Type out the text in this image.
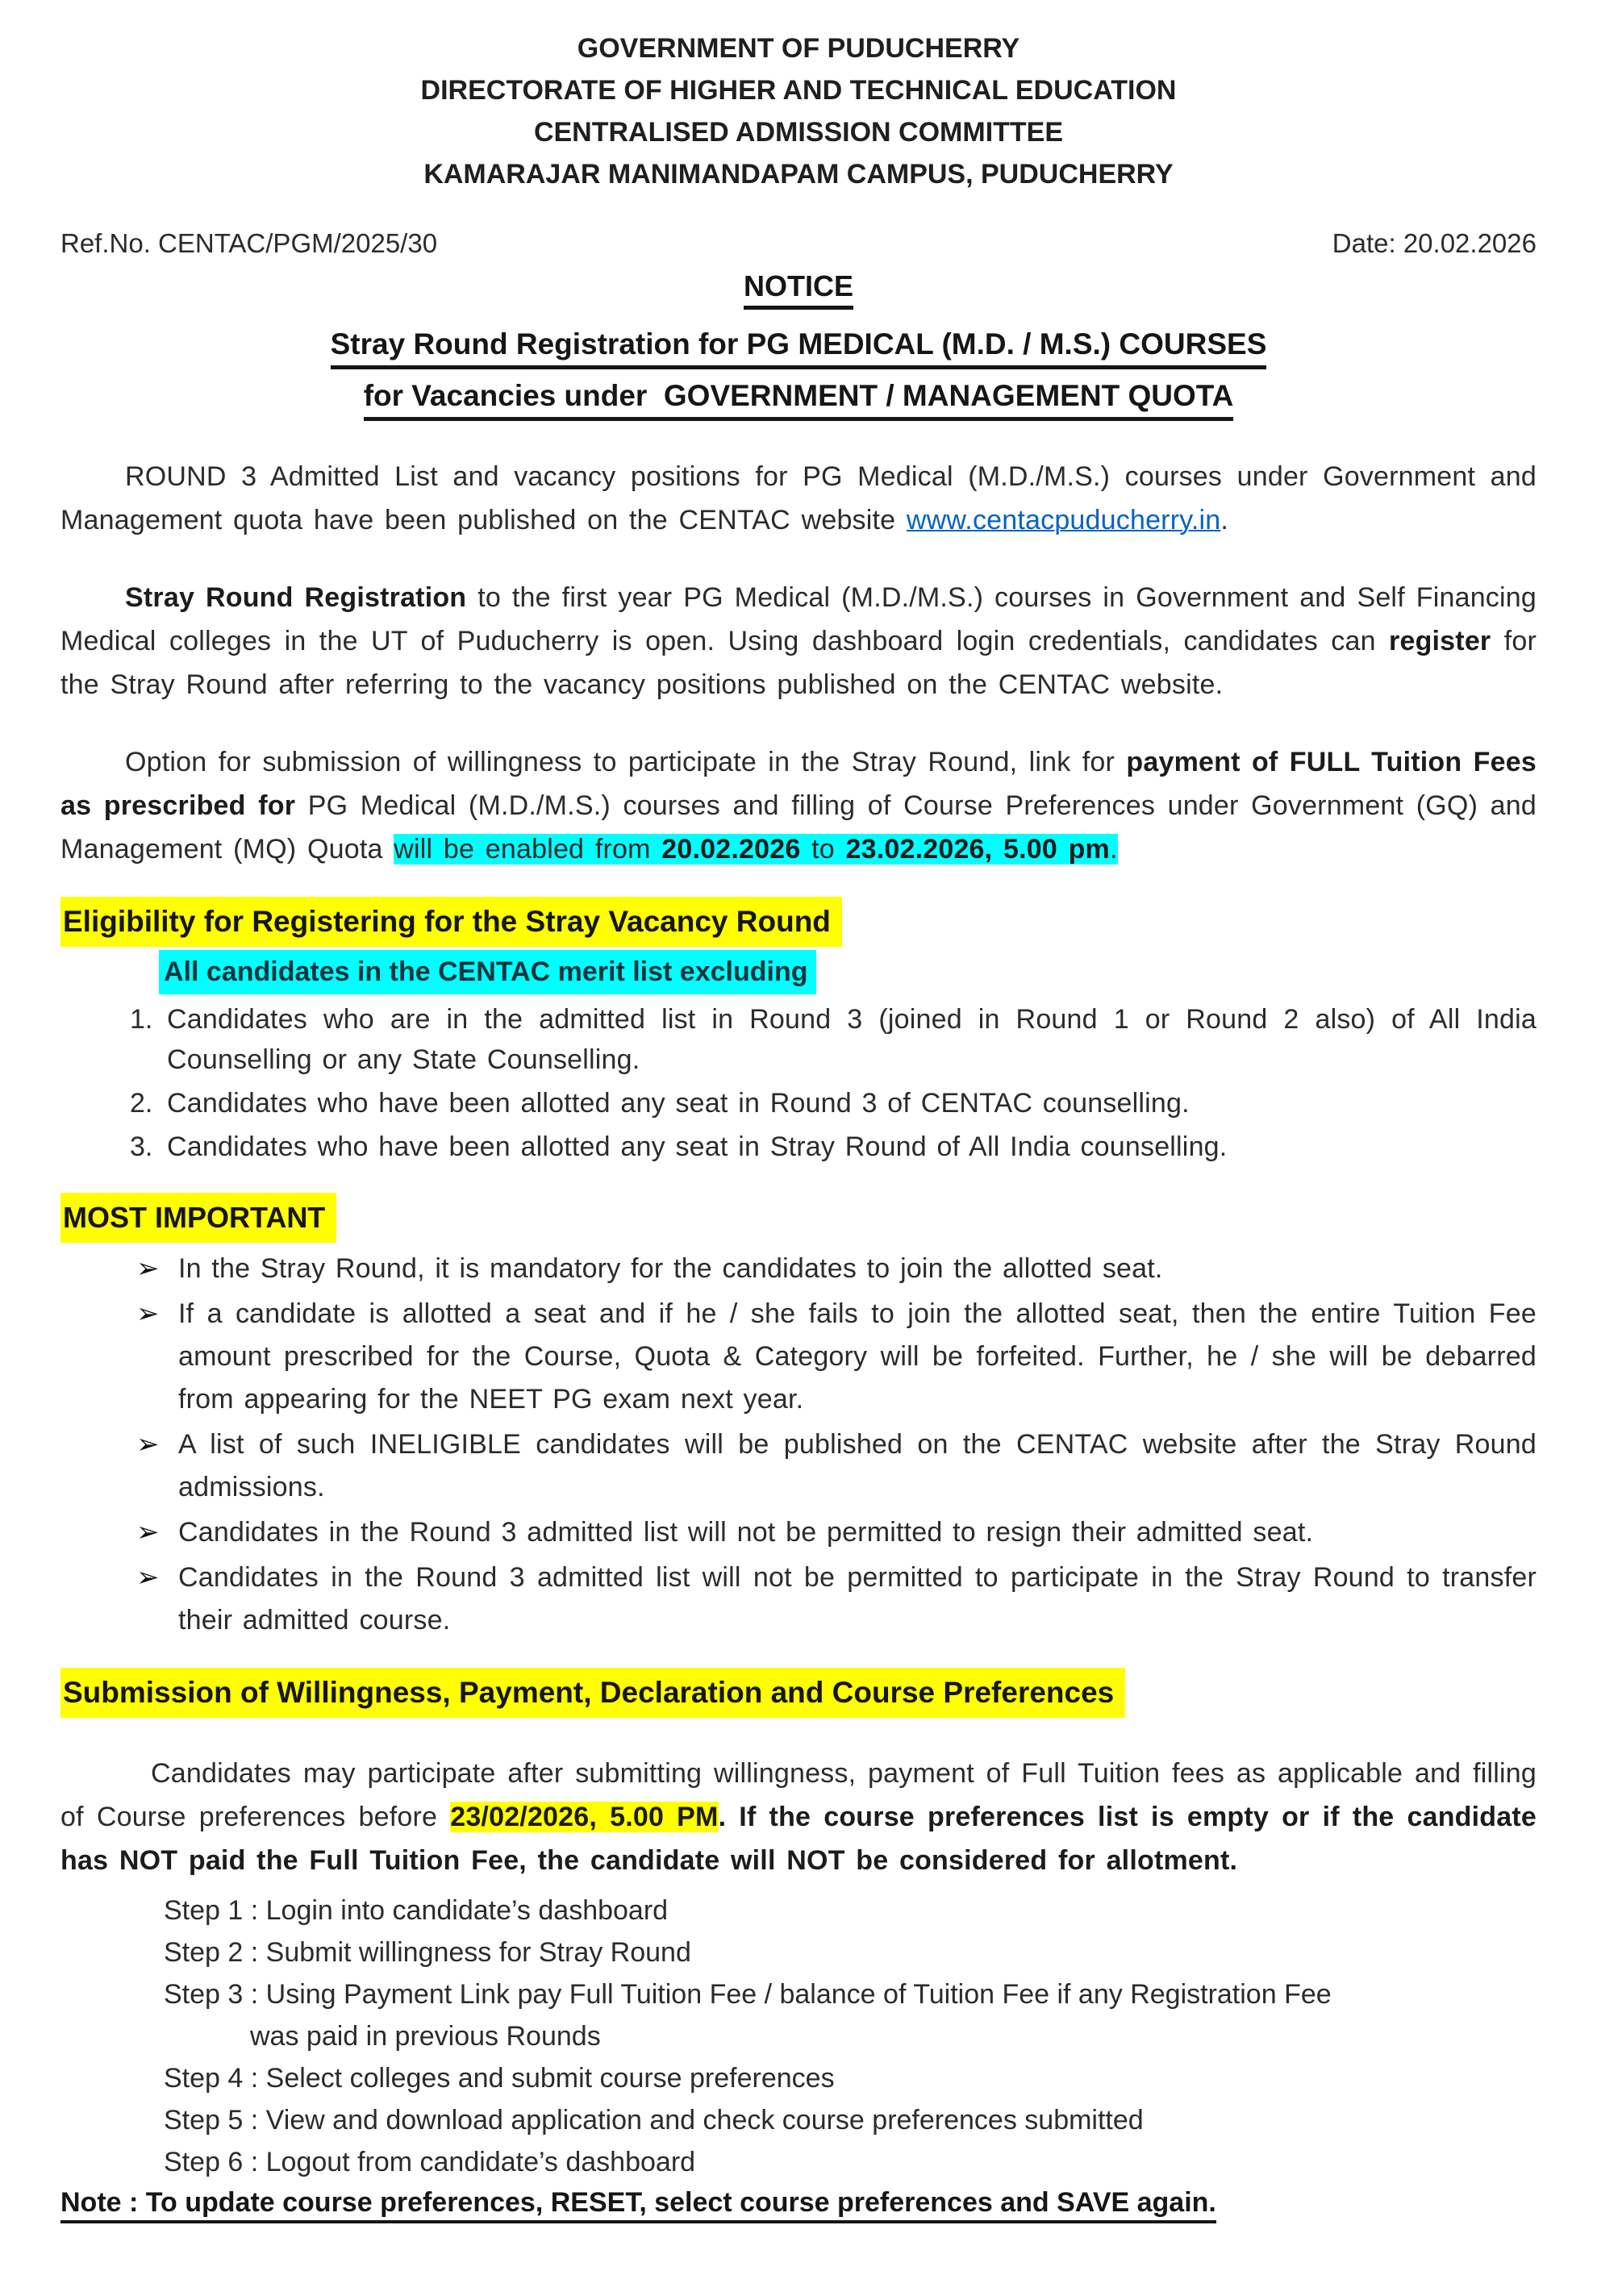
GOVERNMENT OF PUDUCHERRY
DIRECTORATE OF HIGHER AND TECHNICAL EDUCATION
CENTRALISED ADMISSION COMMITTEE
KAMARAJAR MANIMANDAPAM CAMPUS, PUDUCHERRY
Ref.No. CENTAC/PGM/2025/30	Date: 20.02.2026
NOTICE
Stray Round Registration for PG MEDICAL (M.D. / M.S.) COURSES
for Vacancies under  GOVERNMENT / MANAGEMENT QUOTA

ROUND 3 Admitted List and vacancy positions for PG Medical (M.D./M.S.) courses under Government and Management quota have been published on the CENTAC website www.centacpuducherry.in.

Stray Round Registration to the first year PG Medical (M.D./M.S.) courses in Government and Self Financing Medical colleges in the UT of Puducherry is open. Using dashboard login credentials, candidates can register for the Stray Round after referring to the vacancy positions published on the CENTAC website.

Option for submission of willingness to participate in the Stray Round, link for payment of FULL Tuition Fees as prescribed for PG Medical (M.D./M.S.) courses and filling of Course Preferences under Government (GQ) and Management (MQ) Quota will be enabled from 20.02.2026 to 23.02.2026, 5.00 pm.

Eligibility for Registering for the Stray Vacancy Round
All candidates in the CENTAC merit list excluding
1. Candidates who are in the admitted list in Round 3 (joined in Round 1 or Round 2 also) of All India Counselling or any State Counselling.
2. Candidates who have been allotted any seat in Round 3 of CENTAC counselling.
3. Candidates who have been allotted any seat in Stray Round of All India counselling.
MOST IMPORTANT
➢ In the Stray Round, it is mandatory for the candidates to join the allotted seat.
➢ If a candidate is allotted a seat and if he / she fails to join the allotted seat, then the entire Tuition Fee amount prescribed for the Course, Quota & Category will be forfeited. Further, he / she will be debarred from appearing for the NEET PG exam next year.
➢ A list of such INELIGIBLE candidates will be published on the CENTAC website after the Stray Round admissions.
➢ Candidates in the Round 3 admitted list will not be permitted to resign their admitted seat.
➢ Candidates in the Round 3 admitted list will not be permitted to participate in the Stray Round to transfer their admitted course.
Submission of Willingness, Payment, Declaration and Course Preferences

Candidates may participate after submitting willingness, payment of Full Tuition fees as applicable and filling of Course preferences before 23/02/2026, 5.00 PM. If the course preferences list is empty or if the candidate has NOT paid the Full Tuition Fee, the candidate will NOT be considered for allotment.

Step 1 : Login into candidate’s dashboard
Step 2 : Submit willingness for Stray Round
Step 3 : Using Payment Link pay Full Tuition Fee / balance of Tuition Fee if any Registration Fee
was paid in previous Rounds
Step 4 : Select colleges and submit course preferences
Step 5 : View and download application and check course preferences submitted
Step 6 : Logout from candidate’s dashboard
Note : To update course preferences, RESET, select course preferences and SAVE again.
